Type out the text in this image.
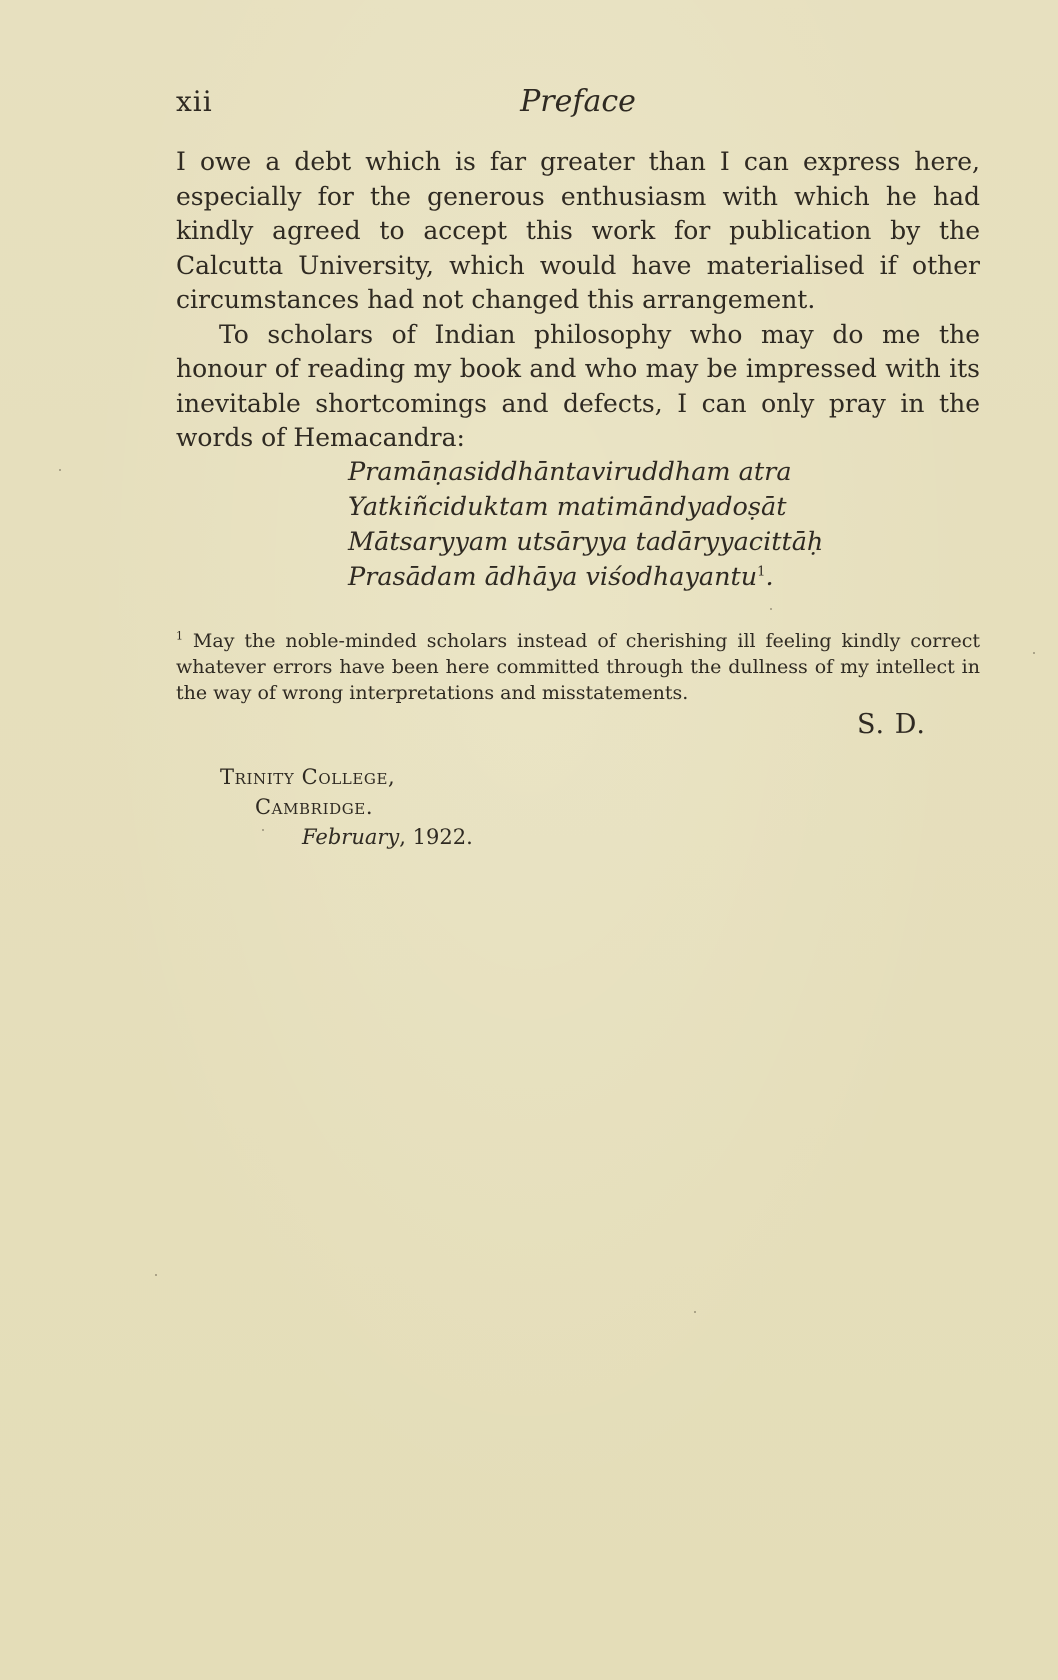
xii	Preface

I owe a debt which is far greater than I can express here, especially for the generous enthusiasm with which he had kindly agreed to accept this work for publication by the Calcutta University, which would have materialised if other circumstances had not changed this arrangement.

To scholars of Indian philosophy who may do me the honour of reading my book and who may be impressed with its inevitable shortcomings and defects, I can only pray in the words of Hemacandra:

Pramāṇasiddhāntaviruddham atra
Yatkiñciduktam matimāndyadoṣāt
Mātsaryyam utsāryya tadāryyacittāḥ
Prasādam ādhāya viśodhayantu$^1$.
$^1$ May the noble-minded scholars instead of cherishing ill feeling kindly correct whatever errors have been here committed through the dullness of my intellect in the way of wrong interpretations and misstatements.
S. D.
Trinity College,
Cambridge.
February, 1922.
